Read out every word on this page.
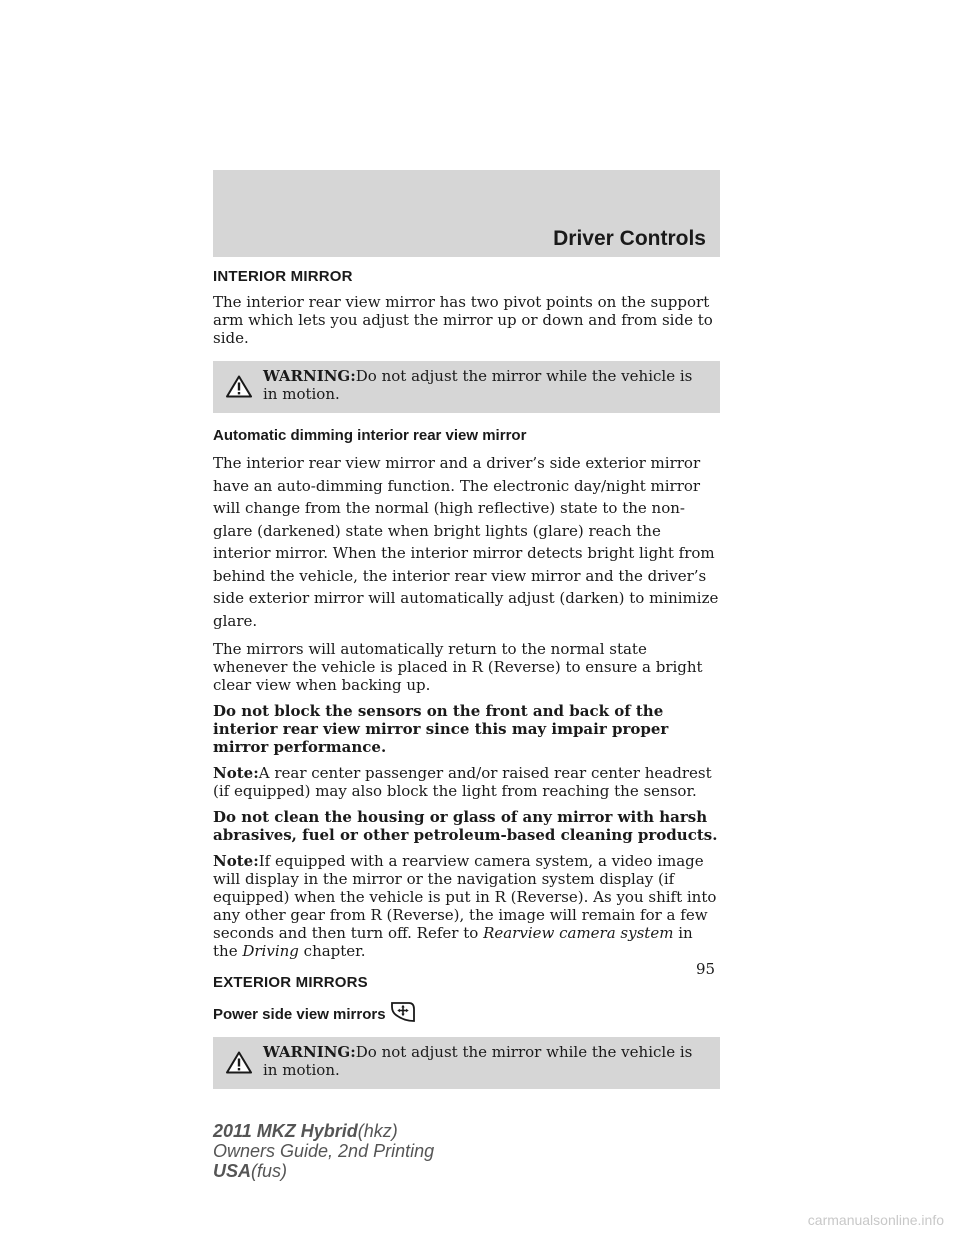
Driver Controls
INTERIOR MIRROR

The interior rear view mirror has two pivot points on the support arm which lets you adjust the mirror up or down and from side to side.

WARNING:Do not adjust the mirror while the vehicle is in motion.
Automatic dimming interior rear view mirror

The interior rear view mirror and a driver’s side exterior mirror have an auto-dimming function. The electronic day/night mirror will change from the normal (high reflective) state to the non-glare (darkened) state when bright lights (glare) reach the interior mirror. When the interior mirror detects bright light from behind the vehicle, the interior rear view mirror and the driver’s side exterior mirror will automatically adjust (darken) to minimize glare.

The mirrors will automatically return to the normal state whenever the vehicle is placed in R (Reverse) to ensure a bright clear view when backing up.

Do not block the sensors on the front and back of the interior rear view mirror since this may impair proper mirror performance.

Note:A rear center passenger and/or raised rear center headrest (if equipped) may also block the light from reaching the sensor.

Do not clean the housing or glass of any mirror with harsh abrasives, fuel or other petroleum-based cleaning products.

Note:If equipped with a rearview camera system, a video image will display in the mirror or the navigation system display (if equipped) when the vehicle is put in R (Reverse). As you shift into any other gear from R (Reverse), the image will remain for a few seconds and then turn off. Refer to Rearview camera system in the Driving chapter.

EXTERIOR MIRRORS
Power side view mirrors
WARNING:Do not adjust the mirror while the vehicle is in motion.
95
2011 MKZ Hybrid(hkz)
Owners Guide, 2nd Printing
USA(fus)
carmanualsonline.info
